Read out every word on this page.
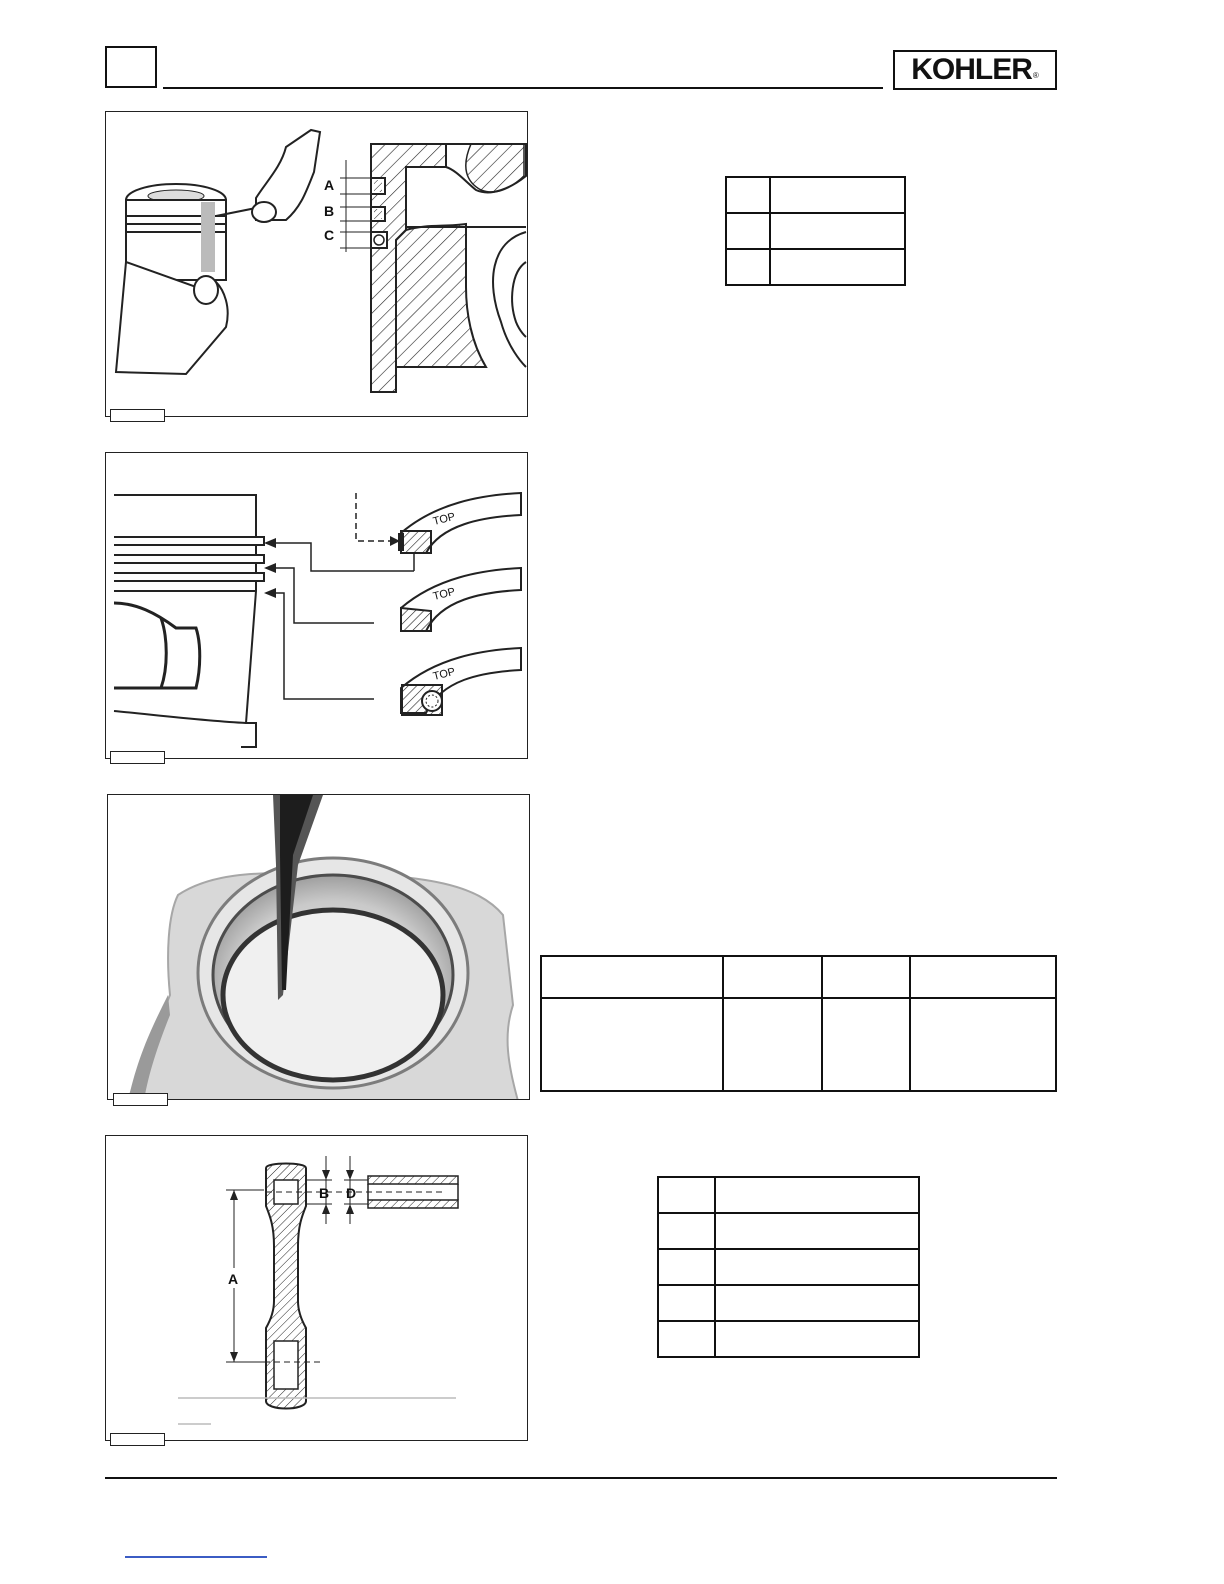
KOHLER ®
A
B
C

TOP
TOP
TOP

A
B D
